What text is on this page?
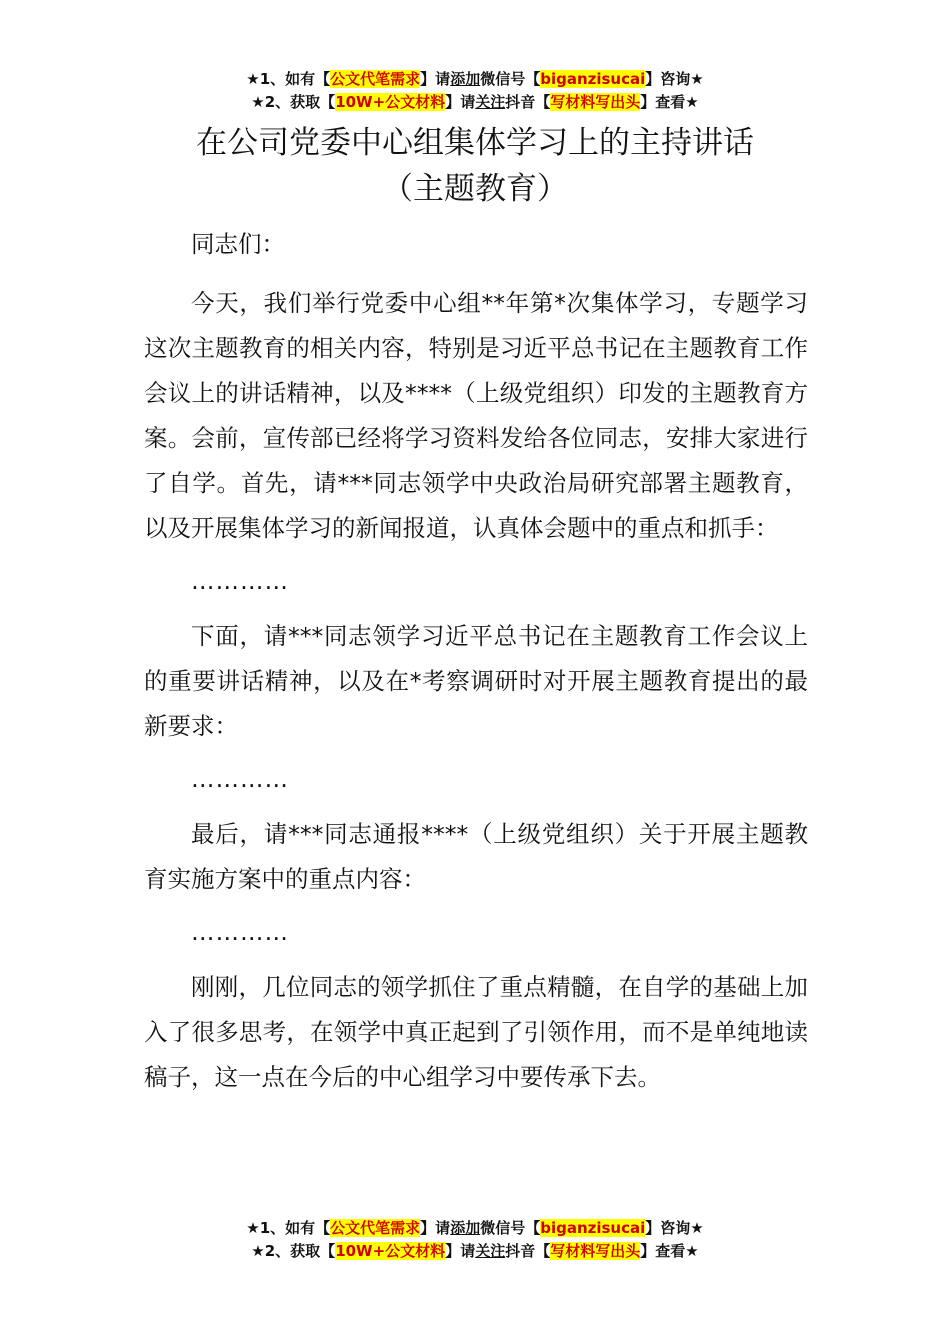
★1、如有【公文代笔需求】请添加微信号【biganzisucai】咨询★
★2、获取【10W+公文材料】请关注抖音【写材料写出头】查看★
在公司党委中心组集体学习上的主持讲话
（主题教育）

同志们：

今天，我们举行党委中心组**年第*次集体学习，专题学习这次主题教育的相关内容，特别是习近平总书记在主题教育工作会议上的讲话精神，以及****（上级党组织）印发的主题教育方案。会前，宣传部已经将学习资料发给各位同志，安排大家进行了自学。首先，请***同志领学中央政治局研究部署主题教育，以及开展集体学习的新闻报道，认真体会题中的重点和抓手：

…………

下面，请***同志领学习近平总书记在主题教育工作会议上的重要讲话精神，以及在*考察调研时对开展主题教育提出的最新要求：

…………

最后，请***同志通报****（上级党组织）关于开展主题教育实施方案中的重点内容：

…………

刚刚，几位同志的领学抓住了重点精髓，在自学的基础上加入了很多思考，在领学中真正起到了引领作用，而不是单纯地读稿子，这一点在今后的中心组学习中要传承下去。

★1、如有【公文代笔需求】请添加微信号【biganzisucai】咨询★
★2、获取【10W+公文材料】请关注抖音【写材料写出头】查看★
